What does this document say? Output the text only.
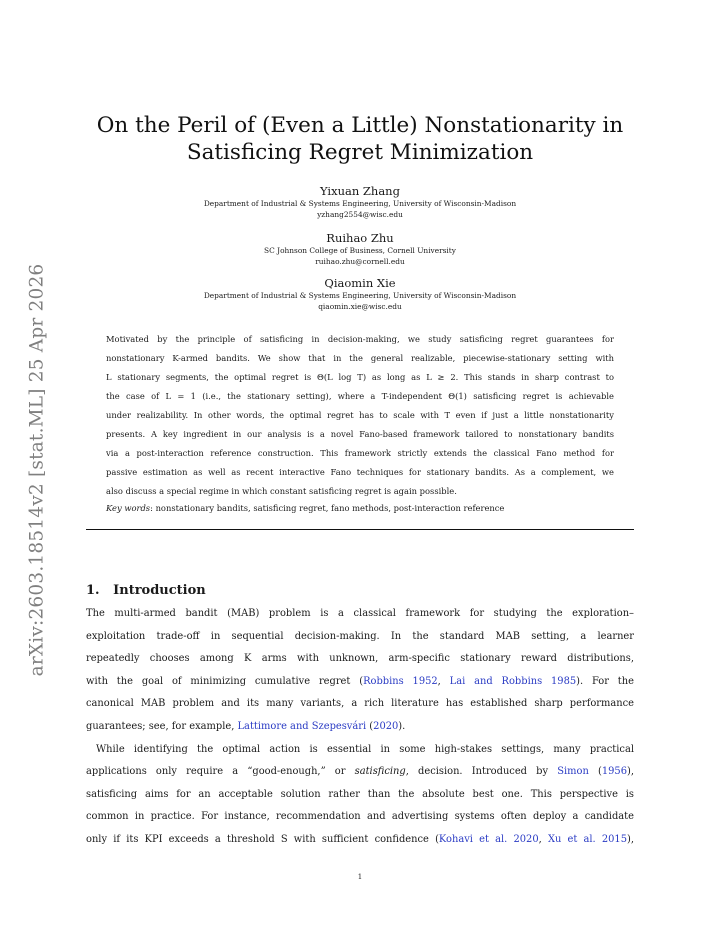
arXiv:2603.18514v2 [stat.ML] 25 Apr 2026
On the Peril of (Even a Little) Nonstationarity in
Satisficing Regret Minimization
Yixuan Zhang
Department of Industrial & Systems Engineering, University of Wisconsin-Madison
yzhang2554@wisc.edu
Ruihao Zhu
SC Johnson College of Business, Cornell University
ruihao.zhu@cornell.edu
Qiaomin Xie
Department of Industrial & Systems Engineering, University of Wisconsin-Madison
qiaomin.xie@wisc.edu
Motivated by the principle of satisficing in decision-making, we study satisficing regret guarantees for
nonstationary K-armed bandits. We show that in the general realizable, piecewise-stationary setting with
L stationary segments, the optimal regret is Θ(L log T) as long as L ≥ 2. This stands in sharp contrast to
the case of L = 1 (i.e., the stationary setting), where a T-independent Θ(1) satisficing regret is achievable
under realizability. In other words, the optimal regret has to scale with T even if just a little nonstationarity
presents. A key ingredient in our analysis is a novel Fano-based framework tailored to nonstationary bandits
via a post-interaction reference construction. This framework strictly extends the classical Fano method for
passive estimation as well as recent interactive Fano techniques for stationary bandits. As a complement, we
also discuss a special regime in which constant satisficing regret is again possible.
Key words: nonstationary bandits, satisficing regret, fano methods, post-interaction reference
1. Introduction
The multi-armed bandit (MAB) problem is a classical framework for studying the exploration–
exploitation trade-off in sequential decision-making. In the standard MAB setting, a learner
repeatedly chooses among K arms with unknown, arm-specific stationary reward distributions,
with the goal of minimizing cumulative regret (Robbins 1952, Lai and Robbins 1985). For the
canonical MAB problem and its many variants, a rich literature has established sharp performance
guarantees; see, for example, Lattimore and Szepesvári (2020).
While identifying the optimal action is essential in some high-stakes settings, many practical
applications only require a “good-enough,” or satisficing, decision. Introduced by Simon (1956),
satisficing aims for an acceptable solution rather than the absolute best one. This perspective is
common in practice. For instance, recommendation and advertising systems often deploy a candidate
only if its KPI exceeds a threshold S with sufficient confidence (Kohavi et al. 2020, Xu et al. 2015),
1
